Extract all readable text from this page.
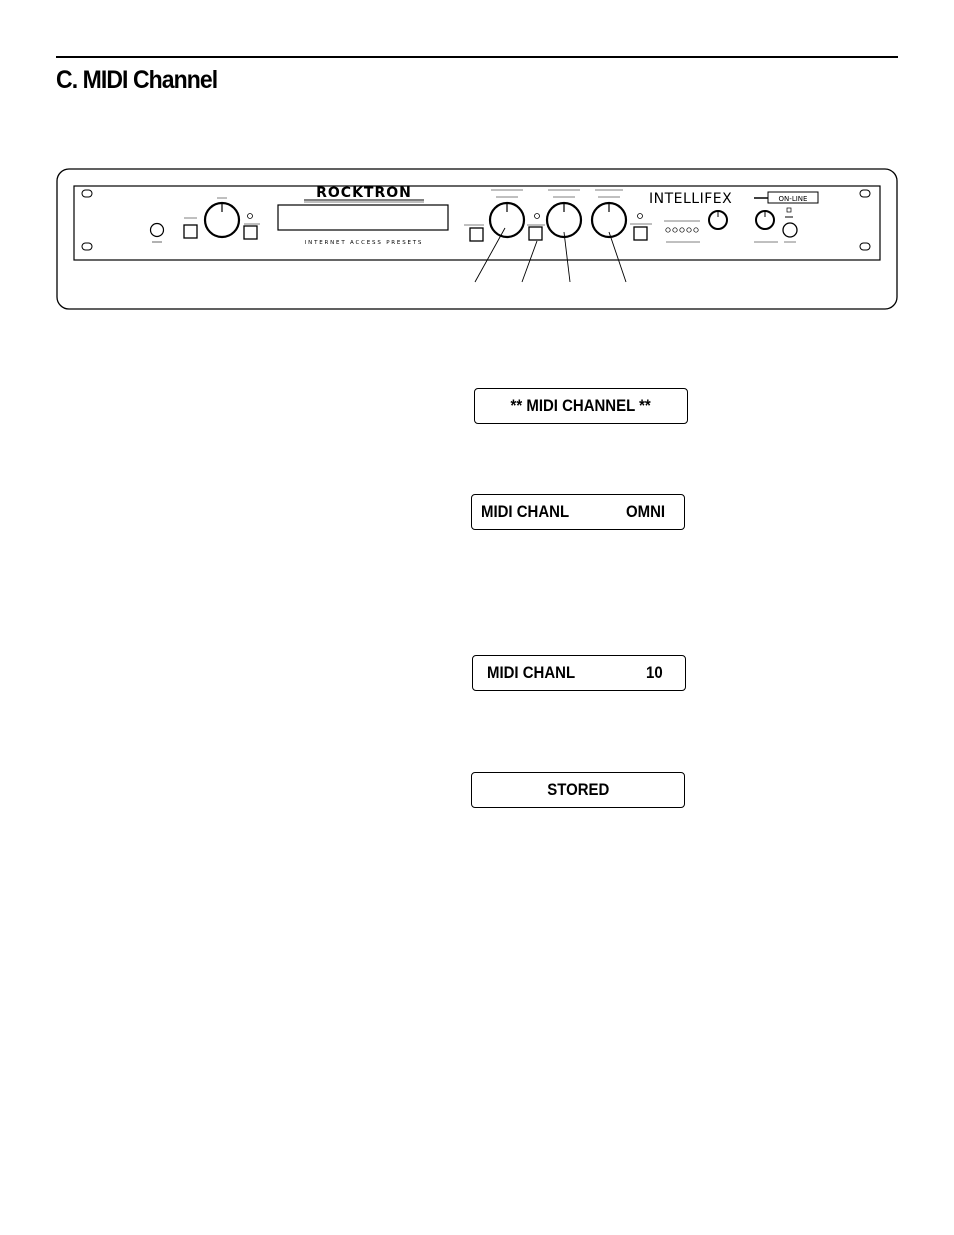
C. MIDI Channel
ROCKTRON
INTERNET ACCESS PRESETS
INTELLIFEX	ON-LINE
** MIDI CHANNEL **
MIDI CHANL	OMNI
MIDI CHANL	10
STORED
